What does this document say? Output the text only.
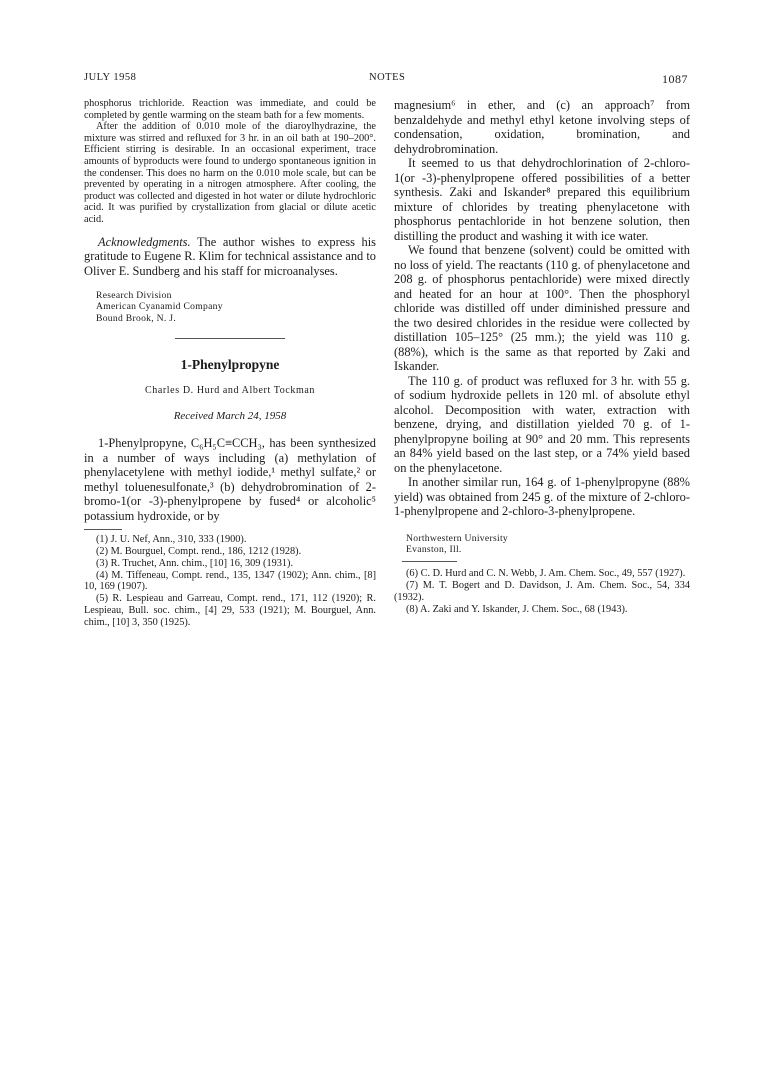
JULY 1958	NOTES	1087

phosphorus trichloride. Reaction was immediate, and could be completed by gentle warming on the steam bath for a few moments.

After the addition of 0.010 mole of the diaroylhydrazine, the mixture was stirred and refluxed for 3 hr. in an oil bath at 190–200°. Efficient stirring is desirable. In an occasional experiment, trace amounts of byproducts were found to undergo spontaneous ignition in the condenser. This does no harm on the 0.010 mole scale, but can be prevented by operating in a nitrogen atmosphere. After cooling, the product was collected and digested in hot water or dilute hydrochloric acid. It was purified by crystallization from glacial or dilute acetic acid.

Acknowledgments. The author wishes to express his gratitude to Eugene R. Klim for technical assistance and to Oliver E. Sundberg and his staff for microanalyses.

Research Division
American Cyanamid Company
Bound Brook, N. J.
1-Phenylpropyne
Charles D. Hurd and Albert Tockman
Received March 24, 1958

1-Phenylpropyne, C₆H₅C≡CCH₃, has been synthesized in a number of ways including (a) methylation of phenylacetylene with methyl iodide,¹ methyl sulfate,² or methyl toluenesulfonate,³ (b) dehydrobromination of 2-bromo-1(or -3)-phenylpropene by fused⁴ or alcoholic⁵ potassium hydroxide, or by

(1) J. U. Nef, Ann., 310, 333 (1900).

(2) M. Bourguel, Compt. rend., 186, 1212 (1928).

(3) R. Truchet, Ann. chim., [10] 16, 309 (1931).

(4) M. Tiffeneau, Compt. rend., 135, 1347 (1902); Ann. chim., [8] 10, 169 (1907).

(5) R. Lespieau and Garreau, Compt. rend., 171, 112 (1920); R. Lespieau, Bull. soc. chim., [4] 29, 533 (1921); M. Bourguel, Ann. chim., [10] 3, 350 (1925).

magnesium⁶ in ether, and (c) an approach⁷ from benzaldehyde and methyl ethyl ketone involving steps of condensation, oxidation, bromination, and dehydrobromination.

It seemed to us that dehydrochlorination of 2-chloro-1(or -3)-phenylpropene offered possibilities of a better synthesis. Zaki and Iskander⁸ prepared this equilibrium mixture of chlorides by treating phenylacetone with phosphorus pentachloride in hot benzene solution, then distilling the product and washing it with ice water.

We found that benzene (solvent) could be omitted with no loss of yield. The reactants (110 g. of phenylacetone and 208 g. of phosphorus pentachloride) were mixed directly and heated for an hour at 100°. Then the phosphoryl chloride was distilled off under diminished pressure and the two desired chlorides in the residue were collected by distillation 105–125° (25 mm.); the yield was 110 g. (88%), which is the same as that reported by Zaki and Iskander.

The 110 g. of product was refluxed for 3 hr. with 55 g. of sodium hydroxide pellets in 120 ml. of absolute ethyl alcohol. Decomposition with water, extraction with benzene, drying, and distillation yielded 70 g. of 1-phenylpropyne boiling at 90° and 20 mm. This represents an 84% yield based on the last step, or a 74% yield based on the phenylacetone.

In another similar run, 164 g. of 1-phenylpropyne (88% yield) was obtained from 245 g. of the mixture of 2-chloro-1-phenylpropene and 2-chloro-3-phenylpropene.

Northwestern University
Evanston, Ill.

(6) C. D. Hurd and C. N. Webb, J. Am. Chem. Soc., 49, 557 (1927).

(7) M. T. Bogert and D. Davidson, J. Am. Chem. Soc., 54, 334 (1932).

(8) A. Zaki and Y. Iskander, J. Chem. Soc., 68 (1943).
